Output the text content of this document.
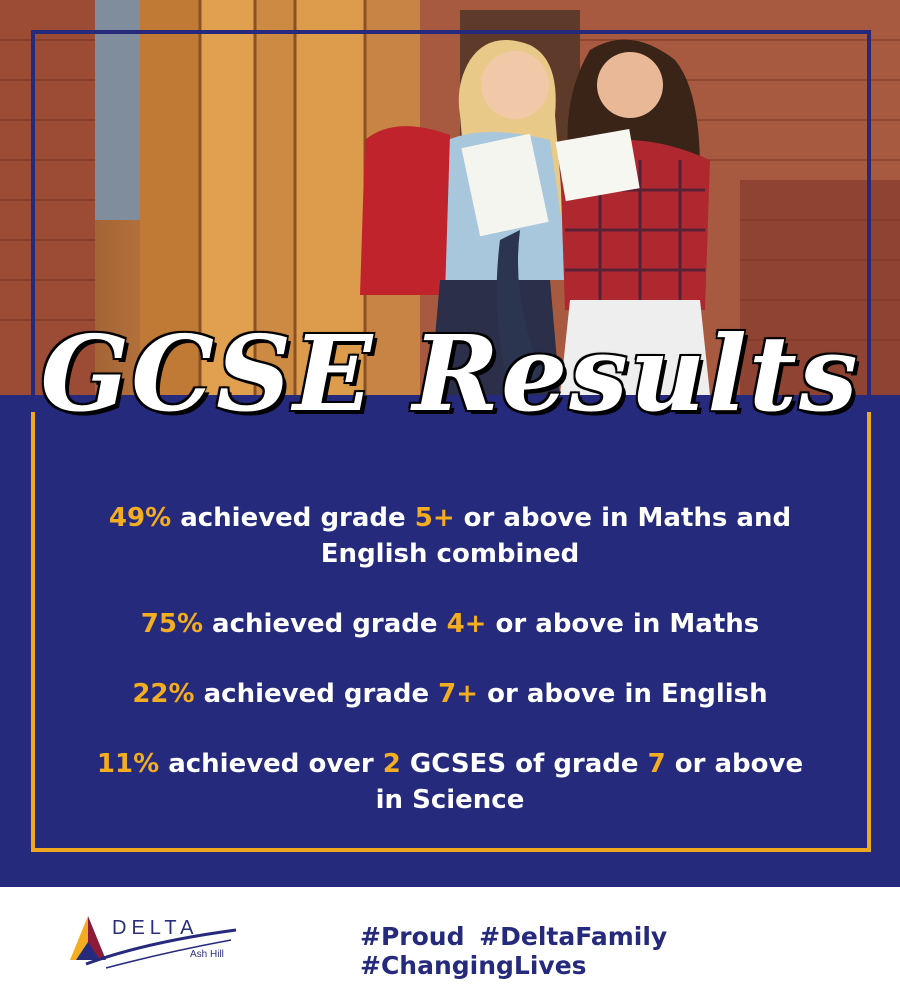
GCSE Results
49% achieved grade 5+ or above in Maths and English combined
75% achieved grade 4+ or above in Maths
22% achieved grade 7+ or above in English
11% achieved over 2 GCSES of grade 7 or above in Science
DELTA
Ash Hill
#Proud #DeltaFamily #ChangingLives
